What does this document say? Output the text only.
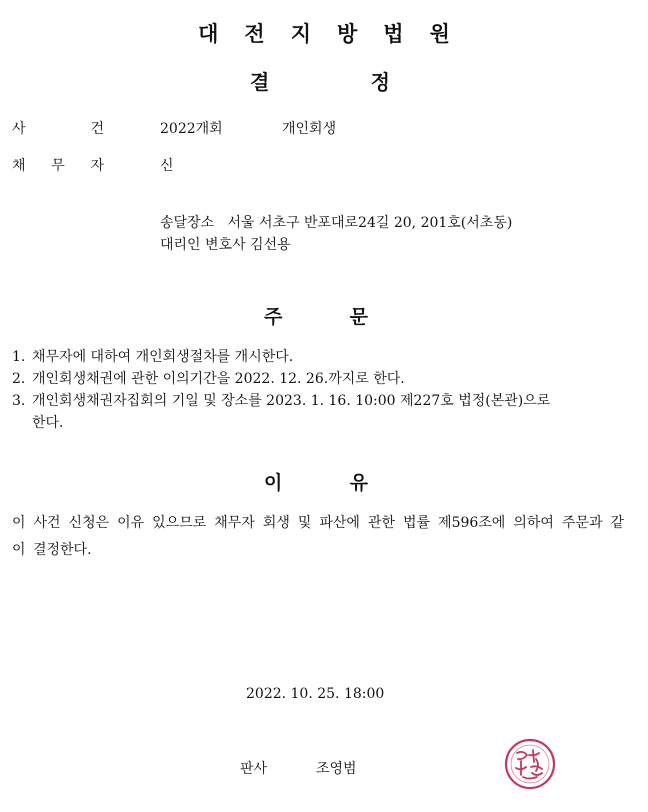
대전지방법원
결	정
사	건	2022개회	개인회생
채 무 자	신
송달장소   서울 서초구 반포대로24길 20, 201호(서초동)
대리인 변호사 김선용
주	문
1. 채무자에 대하여 개인회생절차를 개시한다.
2. 개인회생채권에 관한 이의기간을 2022. 12. 26.까지로 한다.
3. 개인회생채권자집회의 기일 및 장소를 2023. 1. 16. 10:00 제227호 법정(본관)으로
한다.
이	유
이 사건 신청은 이유 있으므로 채무자 회생 및 파산에 관한 법률 제596조에 의하여 주문과 같이 결정한다.
2022. 10. 25. 18:00
판사	조영범
